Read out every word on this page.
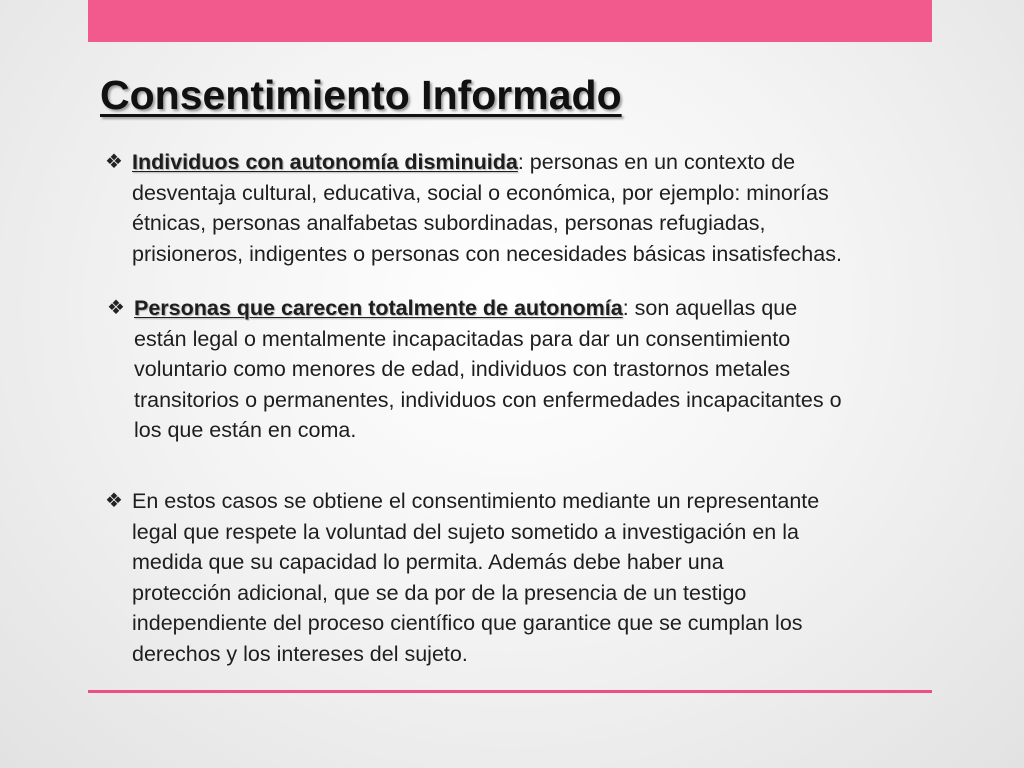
Consentimiento Informado
❖ Individuos con autonomía disminuida: personas en un contexto de
desventaja cultural, educativa, social o económica, por ejemplo: minorías
étnicas, personas analfabetas subordinadas, personas refugiadas,
prisioneros, indigentes o personas con necesidades básicas insatisfechas.
❖ Personas que carecen totalmente de autonomía: son aquellas que
están legal o mentalmente incapacitadas para dar un consentimiento
voluntario como menores de edad, individuos con trastornos metales
transitorios o permanentes, individuos con enfermedades incapacitantes o
los que están en coma.
❖ En estos casos se obtiene el consentimiento mediante un representante
legal que respete la voluntad del sujeto sometido a investigación en la
medida que su capacidad lo permita. Además debe haber una
protección adicional, que se da por de la presencia de un testigo
independiente del proceso científico que garantice que se cumplan los
derechos y los intereses del sujeto.
